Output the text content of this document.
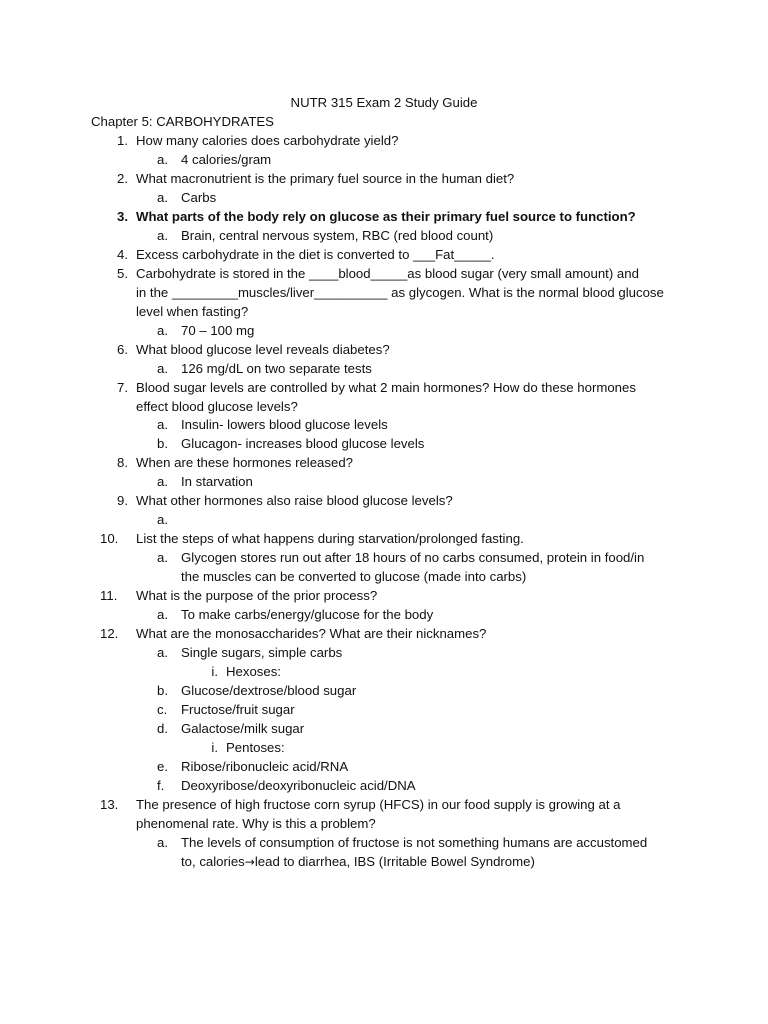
NUTR 315 Exam 2 Study Guide
Chapter 5: CARBOHYDRATES
1. How many calories does carbohydrate yield?
a. 4 calories/gram
2. What macronutrient is the primary fuel source in the human diet?
a. Carbs
3. What parts of the body rely on glucose as their primary fuel source to function?
a. Brain, central nervous system, RBC (red blood count)
4. Excess carbohydrate in the diet is converted to ___Fat_____.
5. Carbohydrate is stored in the ____blood_____as blood sugar (very small amount) and
in the _________muscles/liver__________ as glycogen. What is the normal blood glucose
level when fasting?
a. 70 – 100 mg
6. What blood glucose level reveals diabetes?
a. 126 mg/dL on two separate tests
7. Blood sugar levels are controlled by what 2 main hormones? How do these hormones
effect blood glucose levels?
a. Insulin- lowers blood glucose levels
b. Glucagon- increases blood glucose levels
8. When are these hormones released?
a. In starvation
9. What other hormones also raise blood glucose levels?
a.
10.	List the steps of what happens during starvation/prolonged fasting.
a. Glycogen stores run out after 18 hours of no carbs consumed, protein in food/in
the muscles can be converted to glucose (made into carbs)
11.	What is the purpose of the prior process?
a. To make carbs/energy/glucose for the body
12.	What are the monosaccharides? What are their nicknames?
a. Single sugars, simple carbs
i. Hexoses:
b. Glucose/dextrose/blood sugar
c. Fructose/fruit sugar
d. Galactose/milk sugar
i. Pentoses:
e. Ribose/ribonucleic acid/RNA
f.	Deoxyribose/deoxyribonucleic acid/DNA
13.	The presence of high fructose corn syrup (HFCS) in our food supply is growing at a
phenomenal rate. Why is this a problem?
a. The levels of consumption of fructose is not something humans are accustomed
to, calories→lead to diarrhea, IBS (Irritable Bowel Syndrome)
